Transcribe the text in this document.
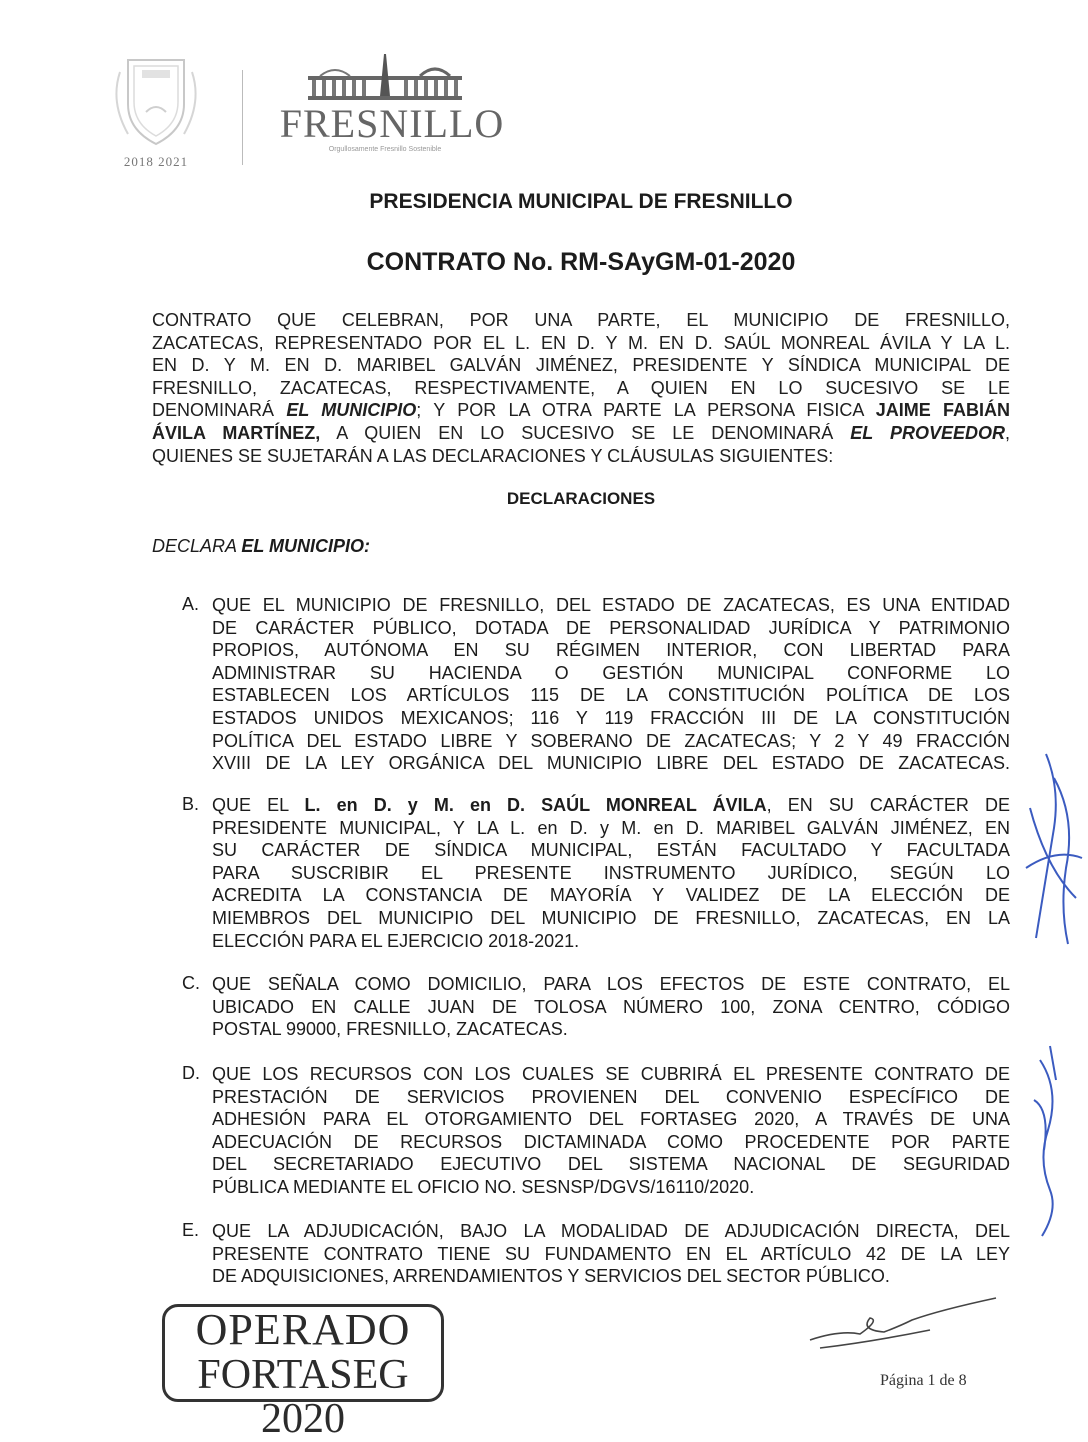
2018 2021
FRESNILLO
Orgullosamente Fresnillo Sostenible
PRESIDENCIA MUNICIPAL DE FRESNILLO
CONTRATO No. RM-SAyGM-01-2020
CONTRATO QUE CELEBRAN, POR UNA PARTE, EL MUNICIPIO DE FRESNILLO,
ZACATECAS, REPRESENTADO POR EL L. EN D. Y M. EN D. SAÚL MONREAL ÁVILA Y LA L.
EN D. Y M. EN D. MARIBEL GALVÁN JIMÉNEZ, PRESIDENTE Y SÍNDICA MUNICIPAL DE
FRESNILLO, ZACATECAS, RESPECTIVAMENTE, A QUIEN EN LO SUCESIVO SE LE
DENOMINARÁ EL MUNICIPIO; Y POR LA OTRA PARTE LA PERSONA FISICA JAIME FABIÁN
ÁVILA MARTÍNEZ, A QUIEN EN LO SUCESIVO SE LE DENOMINARÁ EL PROVEEDOR,
QUIENES SE SUJETARÁN A LAS DECLARACIONES Y CLÁUSULAS SIGUIENTES:
DECLARACIONES
DECLARA EL MUNICIPIO:
A. QUE EL MUNICIPIO DE FRESNILLO, DEL ESTADO DE ZACATECAS, ES UNA ENTIDAD
DE CARÁCTER PÚBLICO, DOTADA DE PERSONALIDAD JURÍDICA Y PATRIMONIO
PROPIOS, AUTÓNOMA EN SU RÉGIMEN INTERIOR, CON LIBERTAD PARA
ADMINISTRAR SU HACIENDA O GESTIÓN MUNICIPAL CONFORME LO
ESTABLECEN LOS ARTÍCULOS 115 DE LA CONSTITUCIÓN POLÍTICA DE LOS
ESTADOS UNIDOS MEXICANOS; 116 Y 119 FRACCIÓN III DE LA CONSTITUCIÓN
POLÍTICA DEL ESTADO LIBRE Y SOBERANO DE ZACATECAS; Y 2 Y 49 FRACCIÓN
XVIII DE LA LEY ORGÁNICA DEL MUNICIPIO LIBRE DEL ESTADO DE ZACATECAS.
B. QUE EL L. en D. y M. en D. SAÚL MONREAL ÁVILA, EN SU CARÁCTER DE
PRESIDENTE MUNICIPAL, Y LA L. en D. y M. en D. MARIBEL GALVÁN JIMÉNEZ, EN
SU CARÁCTER DE SÍNDICA MUNICIPAL, ESTÁN FACULTADO Y FACULTADA
PARA SUSCRIBIR EL PRESENTE INSTRUMENTO JURÍDICO, SEGÚN LO
ACREDITA LA CONSTANCIA DE MAYORÍA Y VALIDEZ DE LA ELECCIÓN DE
MIEMBROS DEL MUNICIPIO DEL MUNICIPIO DE FRESNILLO, ZACATECAS, EN LA
ELECCIÓN PARA EL EJERCICIO 2018-2021.
C. QUE SEÑALA COMO DOMICILIO, PARA LOS EFECTOS DE ESTE CONTRATO, EL
UBICADO EN CALLE JUAN DE TOLOSA NÚMERO 100, ZONA CENTRO, CÓDIGO
POSTAL 99000, FRESNILLO, ZACATECAS.
D. QUE LOS RECURSOS CON LOS CUALES SE CUBRIRÁ EL PRESENTE CONTRATO DE
PRESTACIÓN DE SERVICIOS PROVIENEN DEL CONVENIO ESPECÍFICO DE
ADHESIÓN PARA EL OTORGAMIENTO DEL FORTASEG 2020, A TRAVÉS DE UNA
ADECUACIÓN DE RECURSOS DICTAMINADA COMO PROCEDENTE POR PARTE
DEL SECRETARIADO EJECUTIVO DEL SISTEMA NACIONAL DE SEGURIDAD
PÚBLICA MEDIANTE EL OFICIO NO. SESNSP/DGVS/16110/2020.
E. QUE LA ADJUDICACIÓN, BAJO LA MODALIDAD DE ADJUDICACIÓN DIRECTA, DEL
PRESENTE CONTRATO TIENE SU FUNDAMENTO EN EL ARTÍCULO 42 DE LA LEY
DE ADQUISICIONES, ARRENDAMIENTOS Y SERVICIOS DEL SECTOR PÚBLICO.
OPERADO
FORTASEG 2020
Página 1 de 8
